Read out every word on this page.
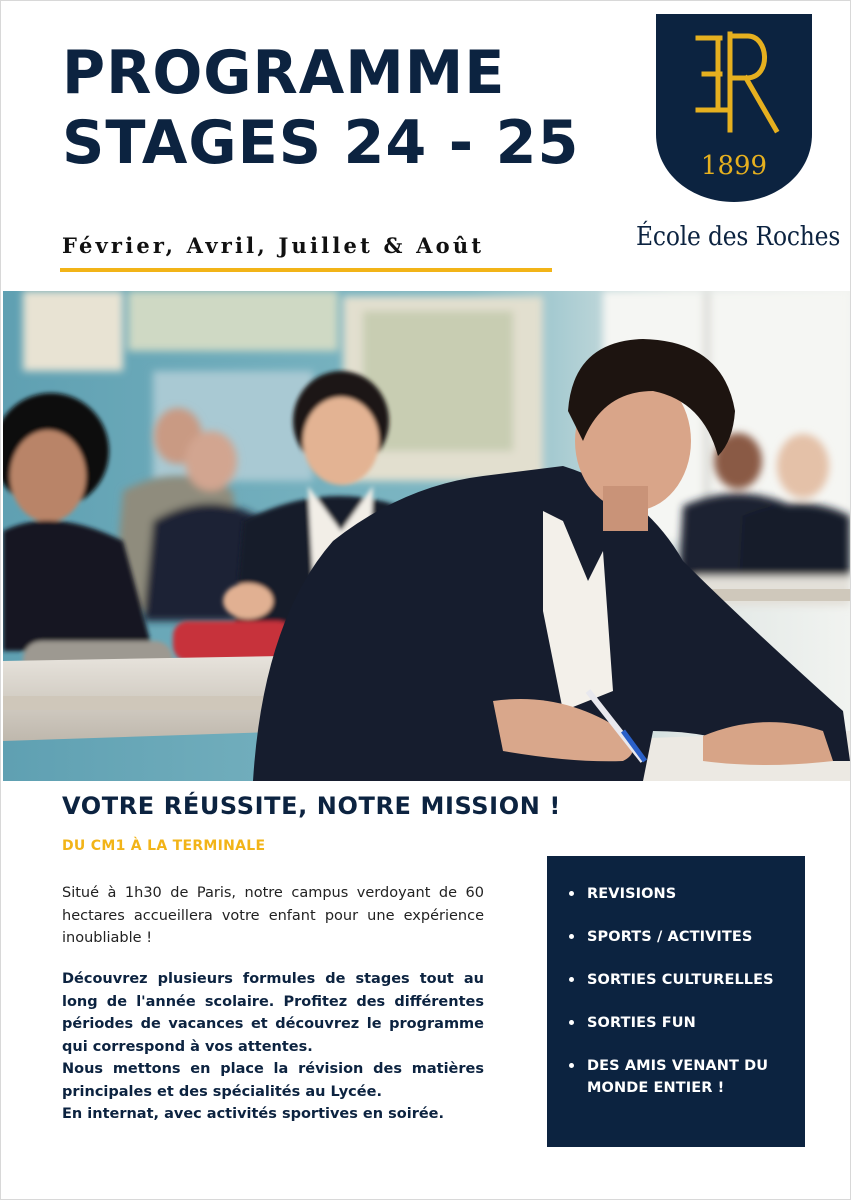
PROGRAMME
STAGES 24 - 25
Février, Avril, Juillet & Août
1899
École des Roches
VOTRE RÉUSSITE, NOTRE MISSION !
DU CM1 À LA TERMINALE

Situé à 1h30 de Paris, notre campus verdoyant de 60 hectares accueillera votre enfant pour une expérience inoubliable !

Découvrez plusieurs formules de stages tout au long de l'année scolaire. Profitez des différentes périodes de vacances et découvrez le programme qui correspond à vos attentes.

Nous mettons en place la révision des matières principales et des spécialités au Lycée.

En internat, avec activités sportives en soirée.

REVISIONS
SPORTS / ACTIVITES
SORTIES CULTURELLES
SORTIES FUN
DES AMIS VENANT DU MONDE ENTIER !
